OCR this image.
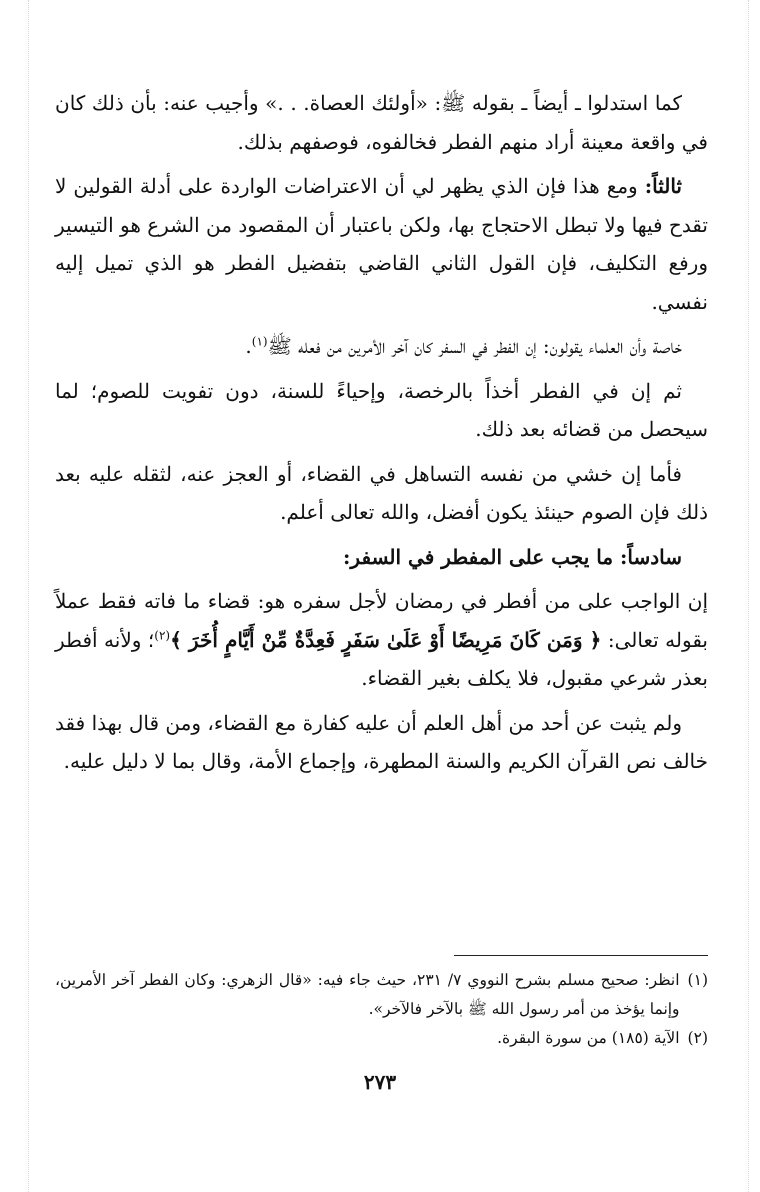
كما استدلوا ـ أيضاً ـ بقوله ﷺ: «أولئك العصاة. . .» وأجيب عنه: بأن ذلك كان في واقعة معينة أراد منهم الفطر فخالفوه، فوصفهم بذلك.

ثالثاً: ومع هذا فإن الذي يظهر لي أن الاعتراضات الواردة على أدلة القولين لا تقدح فيها ولا تبطل الاحتجاج بها، ولكن باعتبار أن المقصود من الشرع هو التيسير ورفع التكليف، فإن القول الثاني القاضي بتفضيل الفطر هو الذي تميل إليه نفسي.

خاصة وأن العلماء يقولون: إن الفطر في السفر كان آخر الأمرين من فعله ﷺ$^{(١)}$.

ثم إن في الفطر أخذاً بالرخصة، وإحياءً للسنة، دون تفويت للصوم؛ لما سيحصل من قضائه بعد ذلك.

فأما إن خشي من نفسه التساهل في القضاء، أو العجز عنه، لثقله عليه بعد ذلك فإن الصوم حينئذ يكون أفضل، والله تعالى أعلم.

سادساً: ما يجب على المفطر في السفر:

إن الواجب على من أفطر في رمضان لأجل سفره هو: قضاء ما فاته فقط عملاً بقوله تعالى: ﴿ وَمَن كَانَ مَرِيضًا أَوْ عَلَىٰ سَفَرٍ فَعِدَّةٌ مِّنْ أَيَّامٍ أُخَرَ ﴾$^{(٢)}$؛ ولأنه أفطر بعذر شرعي مقبول، فلا يكلف بغير القضاء.

ولم يثبت عن أحد من أهل العلم أن عليه كفارة مع القضاء، ومن قال بهذا فقد خالف نص القرآن الكريم والسنة المطهرة، وإجماع الأمة، وقال بما لا دليل عليه.

(١)
انظر: صحيح مسلم بشرح النووي ٧/ ٢٣١، حيث جاء فيه: «قال الزهري: وكان الفطر آخر الأمرين، وإنما يؤخذ من أمر رسول الله ﷺ بالآخر فالآخر».
(٢)
الآية (١٨٥) من سورة البقرة.
٢٧٣
